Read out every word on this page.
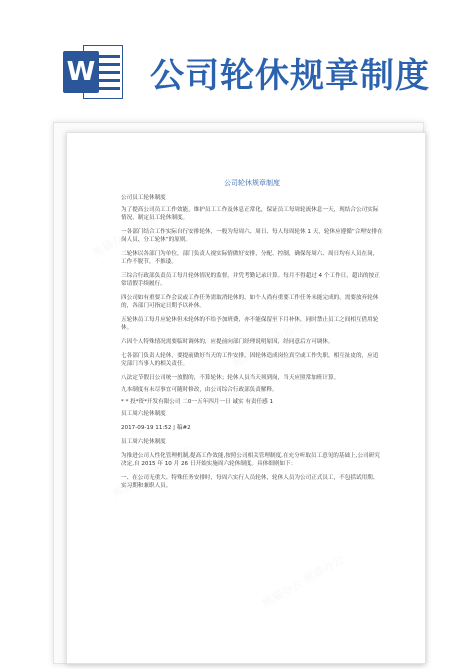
W 公司轮休规章制度
公司轮休规章制度

公司员工轮休制度

为了提高公司员工工作效能，维护员工工作及休息正常化，保证员工每周轮流休息一天，现结合公司实际情况，制定员工轮休制度。

一各部门结合工作实际自行安排轮休，一般为每周六、周日、每人每周轮休 1 天，轮休应遵循“合理安排在岗人员、分工轮休”的原则。

二轮休以各部门为单位，部门负责人视实际情做好安排，分配、控制，确保每周六、周日均有人员在岗，工作不脱节，不推诿。

三综合行政部负责员工每月轮休情况的监督，并凭考勤记录计算。每月不得超过 4 个工作日，超出的按正常请假手续履行。

四公司如有重要工作会议或工作任务需取消轮休的，如个人尚有重要工作任务未能完成的，需要放弃轮休的，各部门可指定日期予以补休。

五轮休员工每月应轮休但未轮休的不给予加班费，亦不能保留至下月补休，同时禁止员工之间相互借用轮休。

六因个人特殊情况需要临时调休的，应提前向部门经理说明原因，经同意后方可调休。

七各部门负责人轮休，要提前做好当天的工作安排，因轮休造成岗位真空或工作失职，相互扯皮的，应追究部门当事人的相关责任。

八法定节假日公司统一放假的，不算轮休；轮休人员当天须到岗，当天应照常加班计算。

九本制度有未尽事宜可随时修改，由公司综合行政部负责解释。

* * 投*资*开发有限公司 二0一五年四月一日 诚实 有责任感 1

员工周六轮休制度

2017-09-19 11:52 | 稿#2

员工周六轮休制度

为推进公司人性化管理机制,提高工作效能,按照公司相关管理制度,在充分听取员工意见的基础上,公司研究决定,自 2015 年 10 月 26 日开始实施周六轮休制度。具体细则如下：

一、在公司无重大、特殊任务安排时，每周六实行人员轮休，轮休人员为公司正式员工，不包括试用期、实习期和兼职人员。
